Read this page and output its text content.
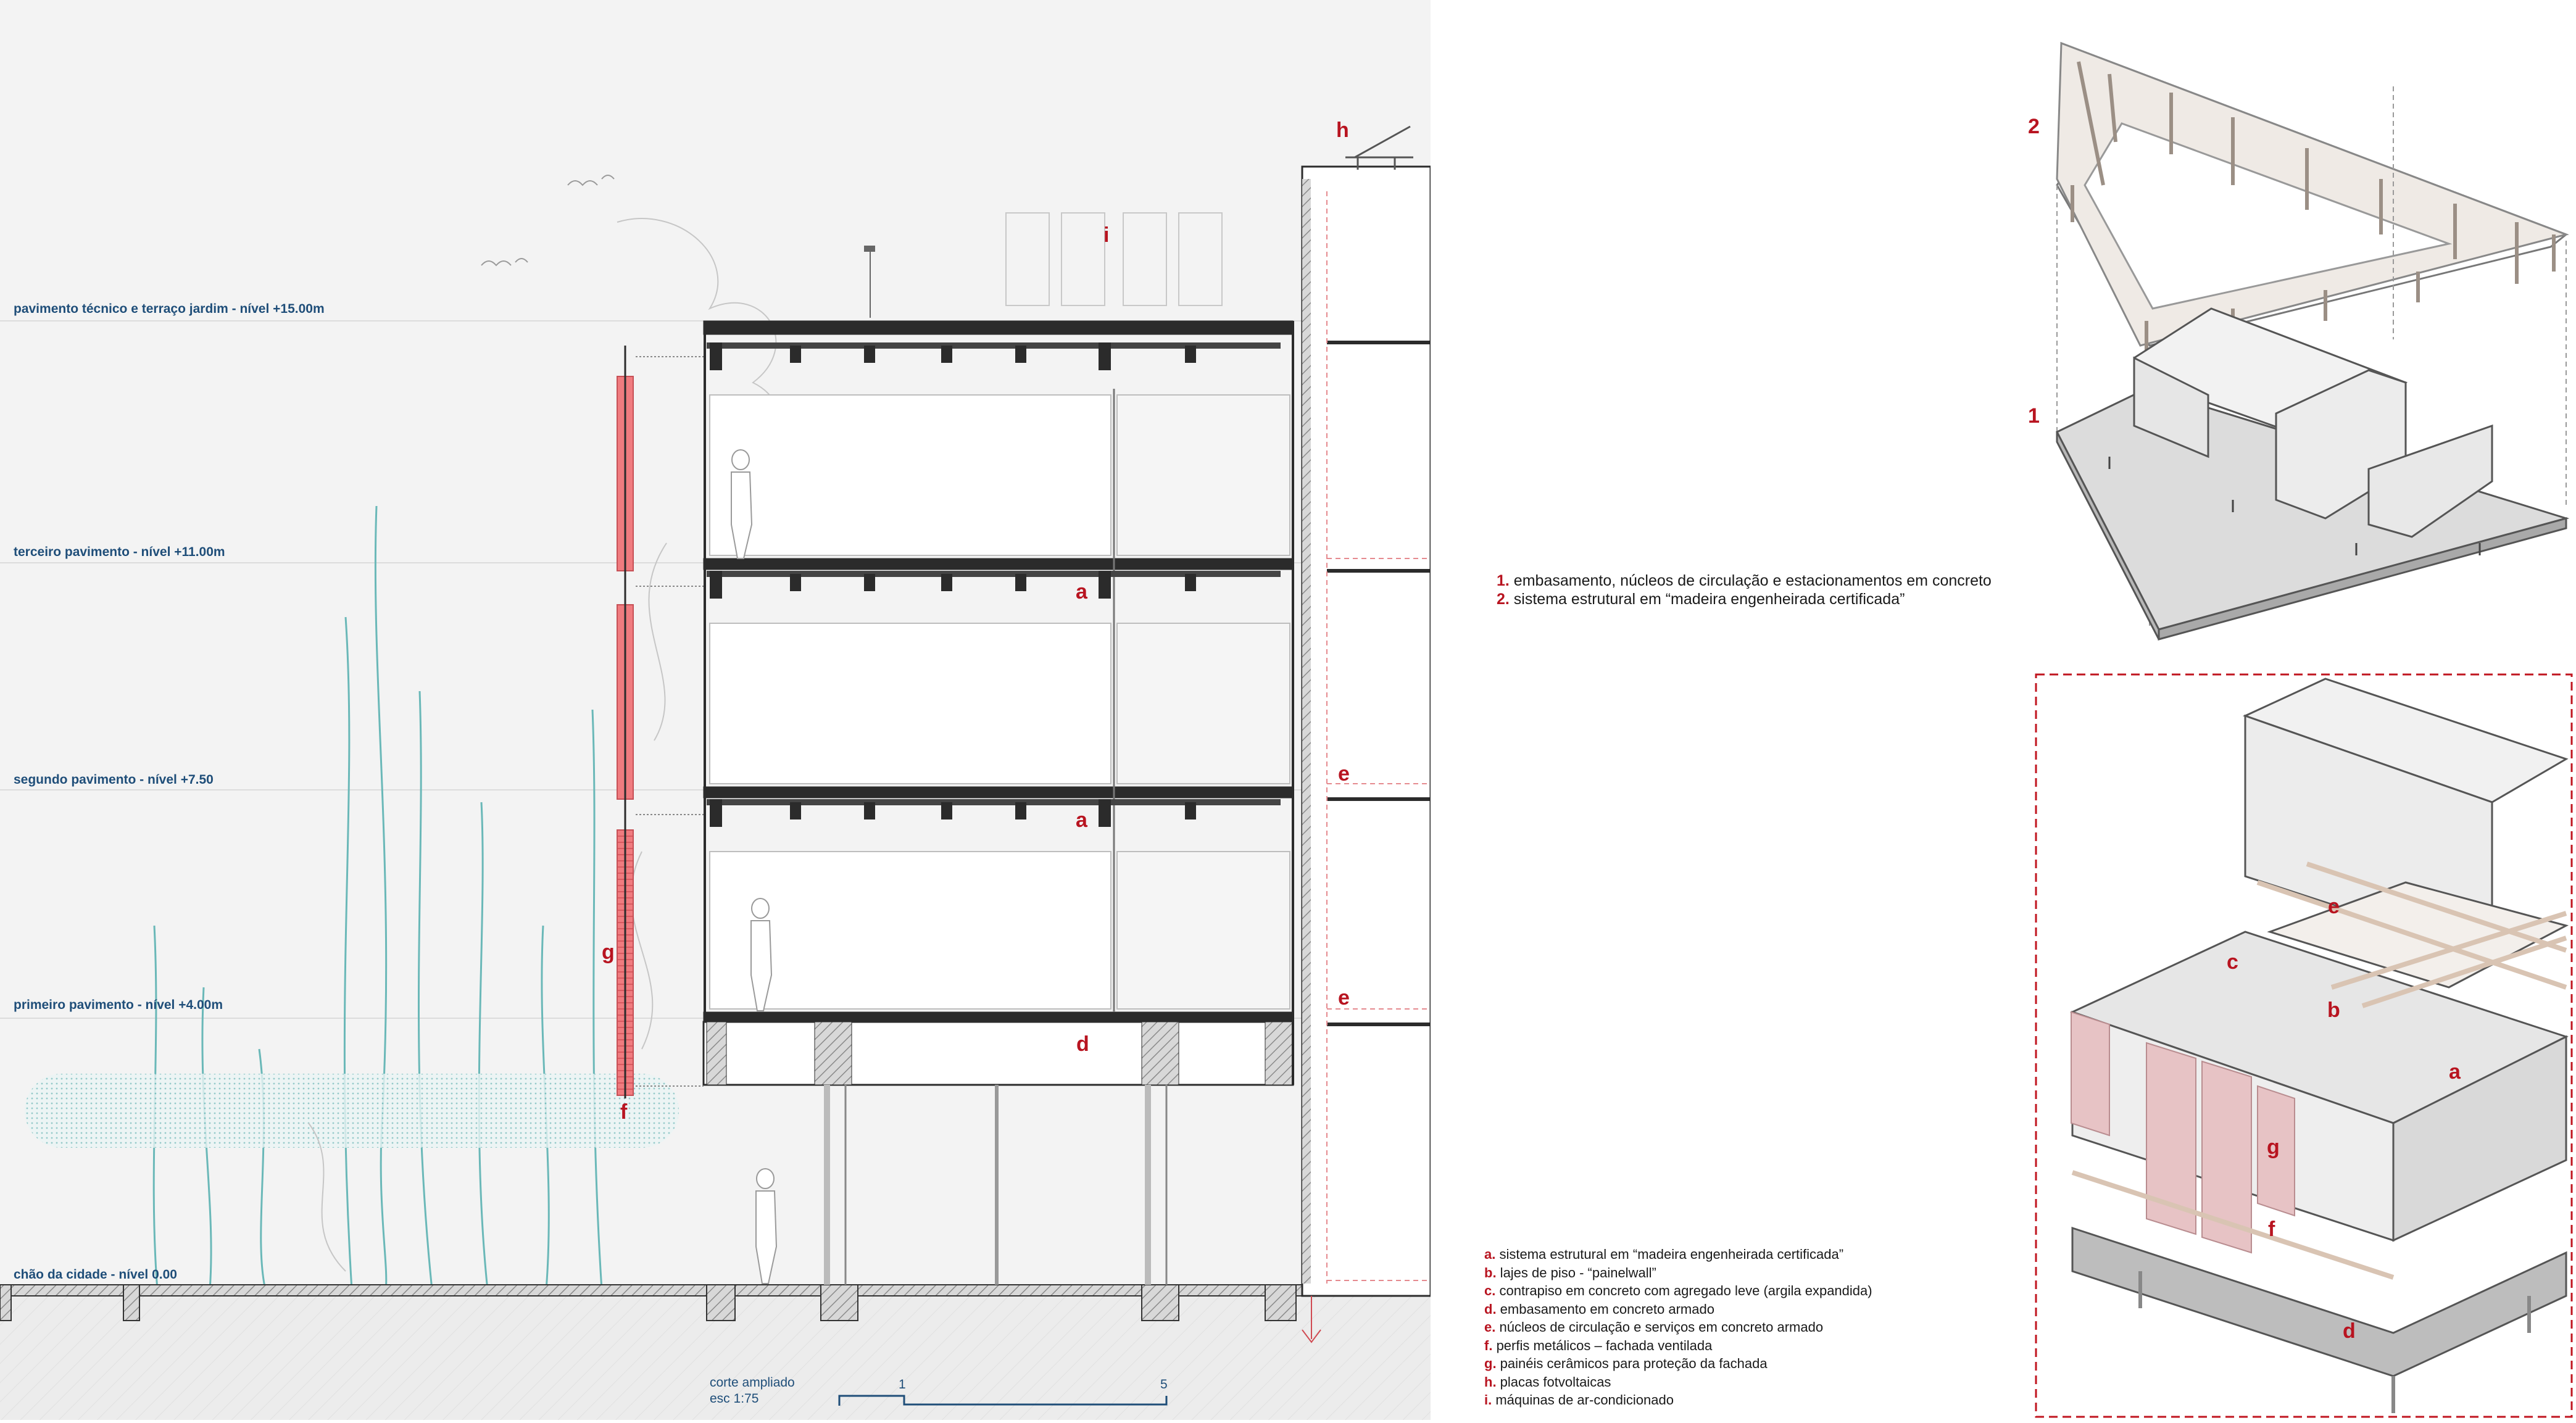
pavimento técnico e terraço jardim - nível +15.00m
terceiro pavimento - nível +11.00m
segundo pavimento - nível +7.50
primeiro pavimento - nível +4.00m
chão da cidade - nível 0.00
h
i
a
a
e
e
g
d
f
corte ampliado
esc 1:75
1	5
2
1
e
c
b
a
g
f
d
1. embasamento, núcleos de circulação e estacionamentos em concreto
2. sistema estrutural em “madeira engenheirada certificada”
a. sistema estrutural em “madeira engenheirada certificada”
b. lajes de piso - “painelwall”
c. contrapiso em concreto com agregado leve (argila expandida)
d. embasamento em concreto armado
e. núcleos de circulação e serviços em concreto armado
f. perfis metálicos – fachada ventilada
g. painéis cerâmicos para proteção da fachada
h. placas fotvoltaicas
i. máquinas de ar-condicionado
